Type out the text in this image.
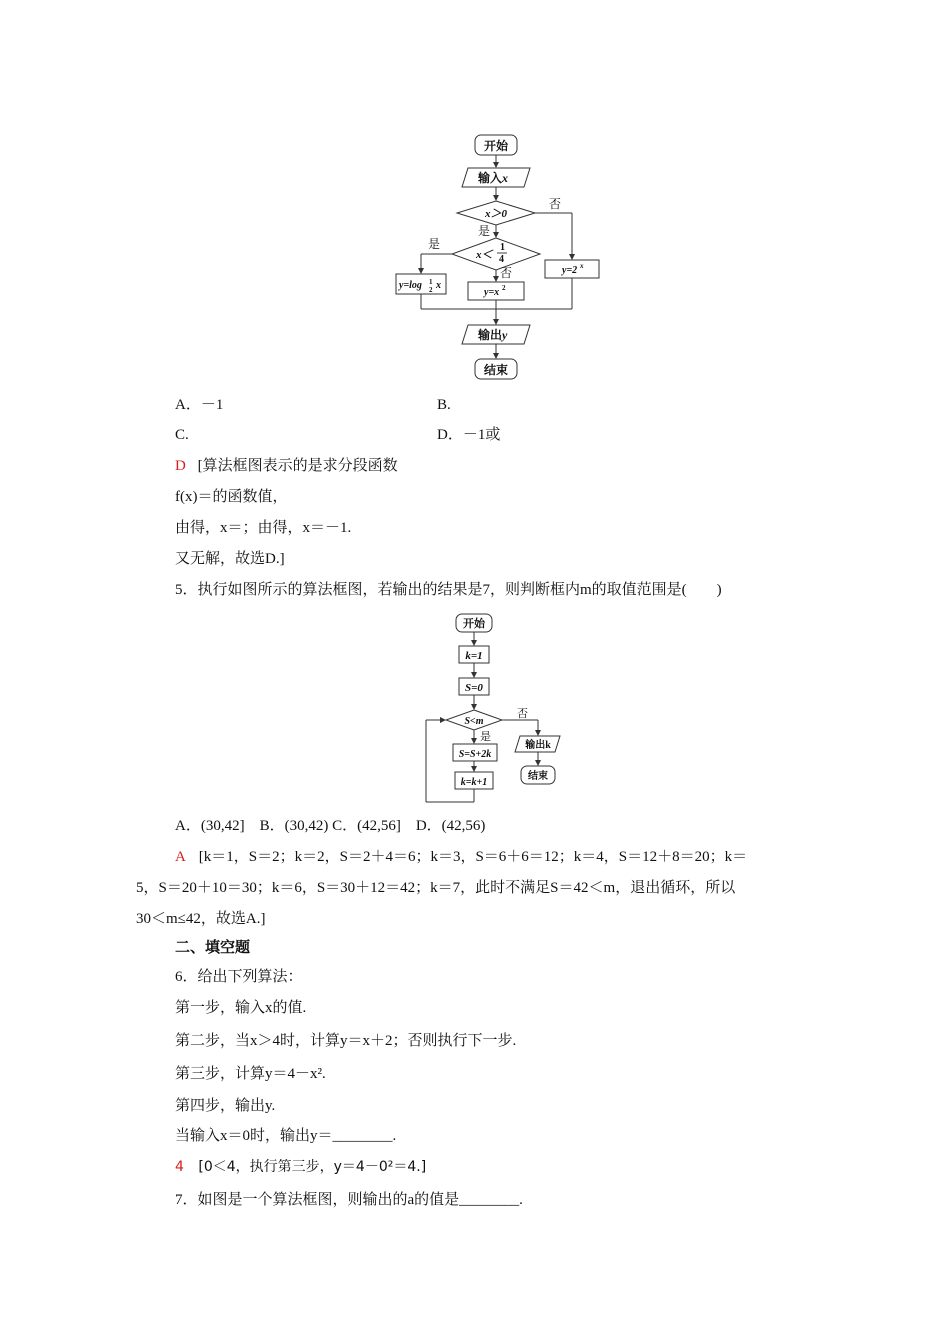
开始
输入x
x＞0
否
是
x＜
1
4
是
否
y=log 1
2 x
y=x 2
y=2 x
输出y
结束
A．－1	B.
C.	D．－1或
D [算法框图表示的是求分段函数
f(x)＝的函数值，
由得，x＝；由得，x＝－1.
又无解，故选D.]
5．执行如图所示的算法框图，若输出的结果是7，则判断框内m的取值范围是(　　)
开始
k=1
S=0
S<m
否
是
S=S+2k
k=k+1
输出k
结束
A．(30,42]　B．(30,42) C．(42,56]　D．(42,56)
A [k＝1，S＝2；k＝2，S＝2＋4＝6；k＝3，S＝6＋6＝12；k＝4，S＝12＋8＝20；k＝
5，S＝20＋10＝30；k＝6，S＝30＋12＝42；k＝7，此时不满足S＝42＜m，退出循环，所以
30＜m≤42，故选A.]
二、填空题
6．给出下列算法：
第一步，输入x的值.
第二步，当x＞4时，计算y＝x＋2；否则执行下一步.
第三步，计算y＝4－x².
第四步，输出y.
当输入x＝0时，输出y＝________.
4 [0＜4，执行第三步，y＝4－0²＝4.]
7．如图是一个算法框图，则输出的a的值是________.
